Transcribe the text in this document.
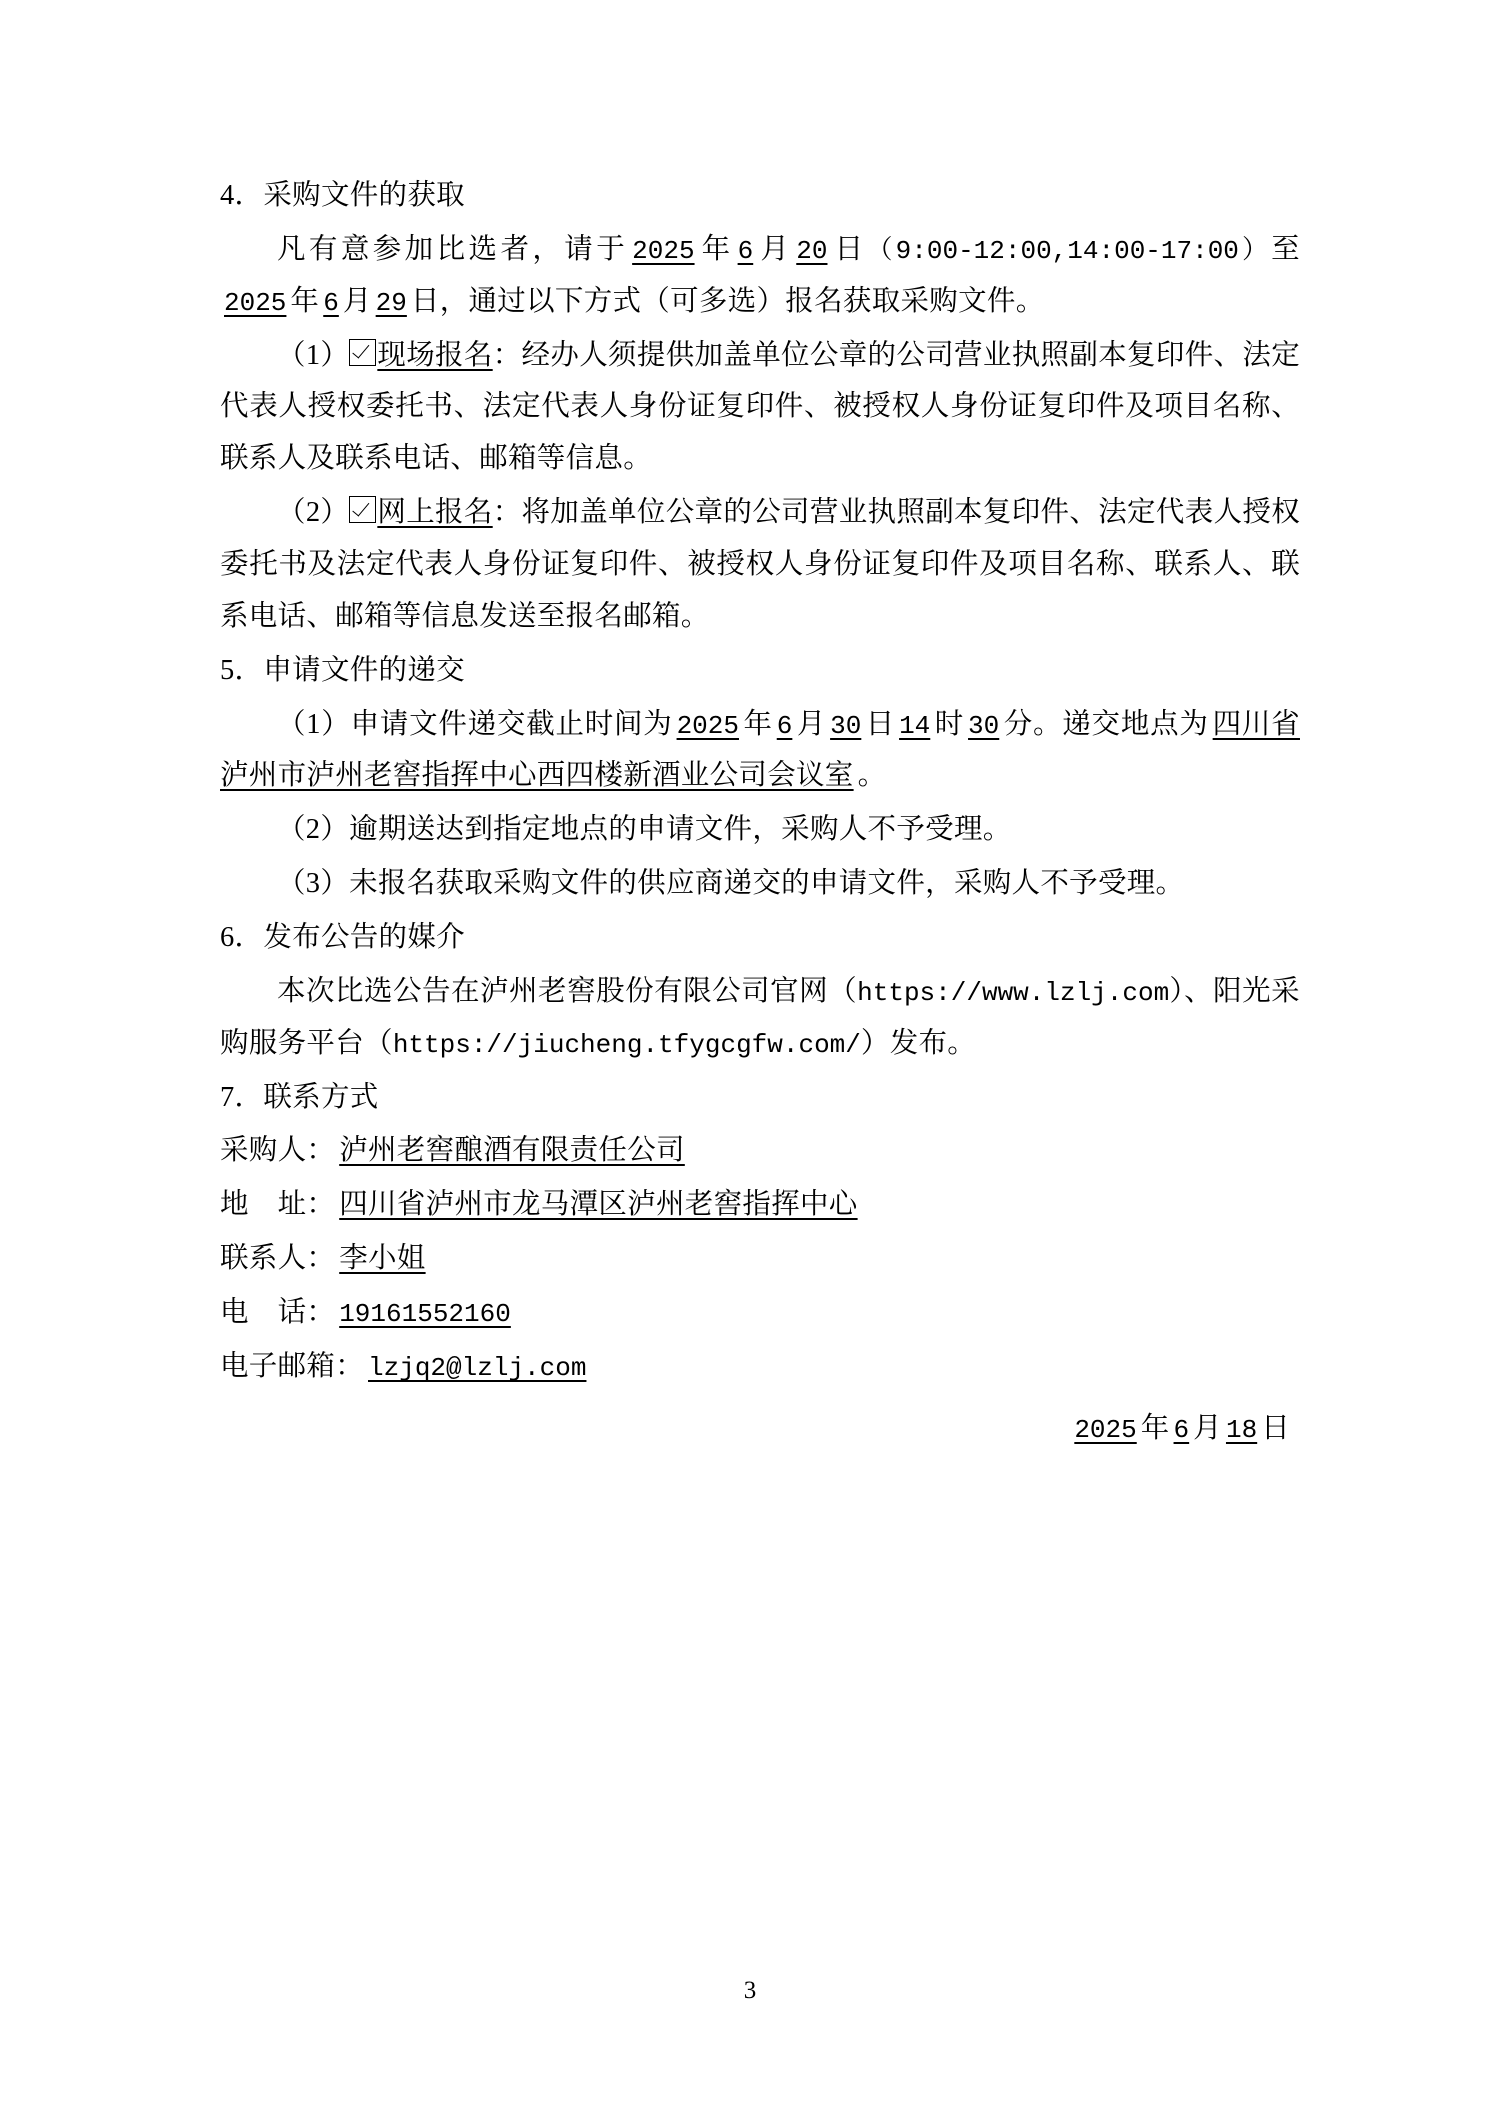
4．采购文件的获取
凡有意参加比选者，请于 2025 年 6 月 20 日（9:00-12:00,14:00-17:00）至2025 年 6 月 29 日，通过以下方式（可多选）报名获取采购文件。
（1） 现场报名：经办人须提供加盖单位公章的公司营业执照副本复印件、法定代表人授权委托书、法定代表人身份证复印件、被授权人身份证复印件及项目名称、联系人及联系电话、邮箱等信息。
（2） 网上报名：将加盖单位公章的公司营业执照副本复印件、法定代表人授权委托书及法定代表人身份证复印件、被授权人身份证复印件及项目名称、联系人、联系电话、邮箱等信息发送至报名邮箱。
5．申请文件的递交
（1）申请文件递交截止时间为 2025 年 6 月 30 日 14 时 30 分。递交地点为 四川省泸州市泸州老窖指挥中心西四楼新酒业公司会议室 。
（2）逾期送达到指定地点的申请文件，采购人不予受理。
（3）未报名获取采购文件的供应商递交的申请文件，采购人不予受理。
6．发布公告的媒介
本次比选公告在泸州老窖股份有限公司官网（https://www.lzlj.com）、阳光采购服务平台（https://jiucheng.tfygcgfw.com/）发布。
7．联系方式
采购人： 泸州老窖酿酒有限责任公司
地　址： 四川省泸州市龙马潭区泸州老窖指挥中心
联系人： 李小姐
电　话： 19161552160
电子邮箱： lzjq2@lzlj.com
2025 年 6 月 18 日
3
